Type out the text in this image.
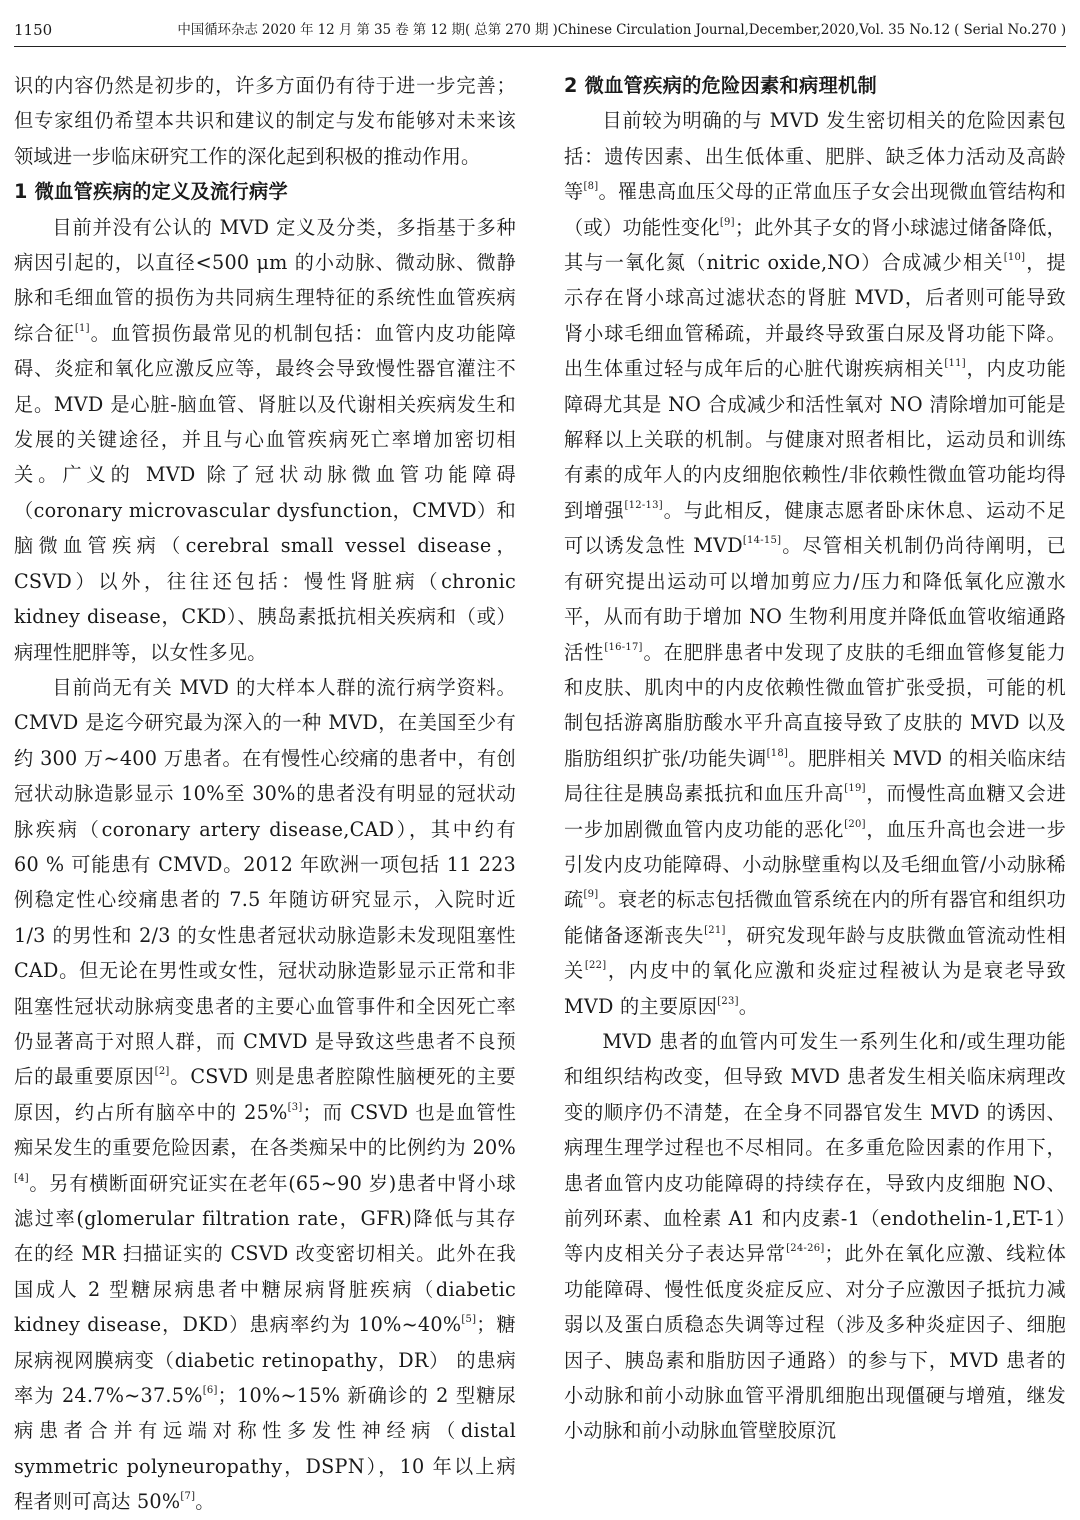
1150	中国循环杂志 2020 年 12 月 第 35 卷 第 12 期( 总第 270 期 )Chinese Circulation Journal,December,2020,Vol. 35 No.12 ( Serial No.270 )

识的内容仍然是初步的，许多方面仍有待于进一步完善；但专家组仍希望本共识和建议的制定与发布能够对未来该领域进一步临床研究工作的深化起到积极的推动作用。

1 微血管疾病的定义及流行病学

目前并没有公认的 MVD 定义及分类，多指基于多种病因引起的，以直径<500 μm 的小动脉、微动脉、微静脉和毛细血管的损伤为共同病生理特征的系统性血管疾病综合征[1]。血管损伤最常见的机制包括：血管内皮功能障碍、炎症和氧化应激反应等，最终会导致慢性器官灌注不足。MVD 是心脏-脑血管、肾脏以及代谢相关疾病发生和发展的关键途径，并且与心血管疾病死亡率增加密切相关。广义的 MVD 除了冠状动脉微血管功能障碍（coronary microvascular dysfunction，CMVD）和脑微血管疾病（cerebral small vessel disease，CSVD）以外，往往还包括：慢性肾脏病（chronic kidney disease，CKD）、胰岛素抵抗相关疾病和（或）病理性肥胖等，以女性多见。

目前尚无有关 MVD 的大样本人群的流行病学资料。CMVD 是迄今研究最为深入的一种 MVD，在美国至少有约 300 万~400 万患者。在有慢性心绞痛的患者中，有创冠状动脉造影显示 10%至 30%的患者没有明显的冠状动脉疾病（coronary artery disease,CAD），其中约有 60 % 可能患有 CMVD。2012 年欧洲一项包括 11 223 例稳定性心绞痛患者的 7.5 年随访研究显示，入院时近 1/3 的男性和 2/3 的女性患者冠状动脉造影未发现阻塞性 CAD。但无论在男性或女性，冠状动脉造影显示正常和非阻塞性冠状动脉病变患者的主要心血管事件和全因死亡率仍显著高于对照人群，而 CMVD 是导致这些患者不良预后的最重要原因[2]。CSVD 则是患者腔隙性脑梗死的主要原因，约占所有脑卒中的 25%[3]；而 CSVD 也是血管性痴呆发生的重要危险因素，在各类痴呆中的比例约为 20%[4]。另有横断面研究证实在老年(65~90 岁)患者中肾小球滤过率(glomerular filtration rate，GFR)降低与其存在的经 MR 扫描证实的 CSVD 改变密切相关。此外在我国成人 2 型糖尿病患者中糖尿病肾脏疾病（diabetic kidney disease，DKD）患病率约为 10%~40%[5]；糖尿病视网膜病变（diabetic retinopathy，DR） 的患病率为 24.7%~37.5%[6]；10%~15% 新确诊的 2 型糖尿病患者合并有远端对称性多发性神经病（distal symmetric polyneuropathy，DSPN），10 年以上病程者则可高达 50%[7]。

2 微血管疾病的危险因素和病理机制

目前较为明确的与 MVD 发生密切相关的危险因素包括：遗传因素、出生低体重、肥胖、缺乏体力活动及高龄等[8]。罹患高血压父母的正常血压子女会出现微血管结构和（或）功能性变化[9]；此外其子女的肾小球滤过储备降低，其与一氧化氮（nitric oxide,NO）合成减少相关[10]，提示存在肾小球高过滤状态的肾脏 MVD，后者则可能导致肾小球毛细血管稀疏，并最终导致蛋白尿及肾功能下降。出生体重过轻与成年后的心脏代谢疾病相关[11]，内皮功能障碍尤其是 NO 合成减少和活性氧对 NO 清除增加可能是解释以上关联的机制。与健康对照者相比，运动员和训练有素的成年人的内皮细胞依赖性/非依赖性微血管功能均得到增强[12-13]。与此相反，健康志愿者卧床休息、运动不足可以诱发急性 MVD[14-15]。尽管相关机制仍尚待阐明，已有研究提出运动可以增加剪应力/压力和降低氧化应激水平，从而有助于增加 NO 生物利用度并降低血管收缩通路活性[16-17]。在肥胖患者中发现了皮肤的毛细血管修复能力和皮肤、肌肉中的内皮依赖性微血管扩张受损，可能的机制包括游离脂肪酸水平升高直接导致了皮肤的 MVD 以及脂肪组织扩张/功能失调[18]。肥胖相关 MVD 的相关临床结局往往是胰岛素抵抗和血压升高[19]，而慢性高血糖又会进一步加剧微血管内皮功能的恶化[20]，血压升高也会进一步引发内皮功能障碍、小动脉壁重构以及毛细血管/小动脉稀疏[9]。衰老的标志包括微血管系统在内的所有器官和组织功能储备逐渐丧失[21]，研究发现年龄与皮肤微血管流动性相关[22]，内皮中的氧化应激和炎症过程被认为是衰老导致 MVD 的主要原因[23]。

MVD 患者的血管内可发生一系列生化和/或生理功能和组织结构改变，但导致 MVD 患者发生相关临床病理改变的顺序仍不清楚，在全身不同器官发生 MVD 的诱因、病理生理学过程也不尽相同。在多重危险因素的作用下，患者血管内皮功能障碍的持续存在，导致内皮细胞 NO、前列环素、血栓素 A1 和内皮素-1（endothelin-1,ET-1）等内皮相关分子表达异常[24-26]；此外在氧化应激、线粒体功能障碍、慢性低度炎症反应、对分子应激因子抵抗力减弱以及蛋白质稳态失调等过程（涉及多种炎症因子、细胞因子、胰岛素和脂肪因子通路）的参与下，MVD 患者的小动脉和前小动脉血管平滑肌细胞出现僵硬与增殖，继发小动脉和前小动脉血管壁胶原沉
